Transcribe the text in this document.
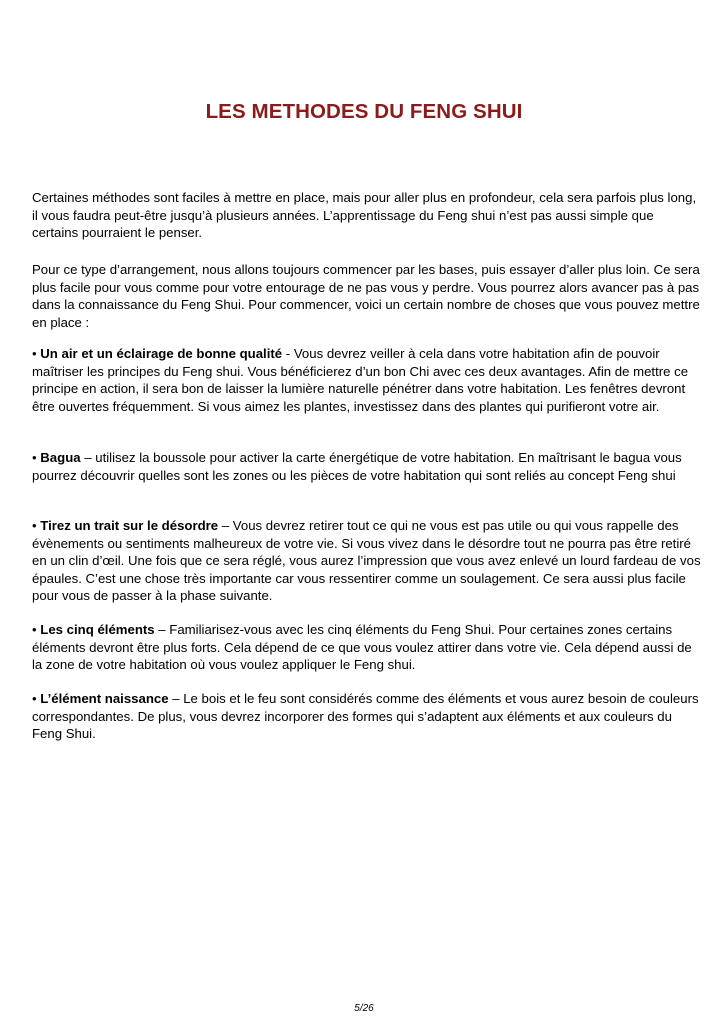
LES METHODES DU FENG SHUI

Certaines méthodes sont faciles à mettre en place, mais pour aller plus en profondeur, cela sera parfois plus long, il vous faudra peut-être jusqu’à plusieurs années. L’apprentissage du Feng shui n’est pas aussi simple que certains pourraient le penser.

Pour ce type d’arrangement, nous allons toujours commencer par les bases, puis essayer d’aller plus loin. Ce sera plus facile pour vous comme pour votre entourage de ne pas vous y perdre. Vous pourrez alors avancer pas à pas dans la connaissance du Feng Shui. Pour commencer, voici un certain nombre de choses que vous pouvez mettre en place :

• Un air et un éclairage de bonne qualité - Vous devrez veiller à cela dans votre habitation afin de pouvoir maîtriser les principes du Feng shui. Vous bénéficierez d’un bon Chi avec ces deux avantages. Afin de mettre ce principe en action, il sera bon de laisser la lumière naturelle pénétrer dans votre habitation. Les fenêtres devront être ouvertes fréquemment. Si vous aimez les plantes, investissez dans des plantes qui purifieront votre air.

• Bagua – utilisez la boussole pour activer la carte énergétique de votre habitation. En maîtrisant le bagua vous pourrez découvrir quelles sont les zones ou les pièces de votre habitation qui sont reliés au concept Feng shui

• Tirez un trait sur le désordre – Vous devrez retirer tout ce qui ne vous est pas utile ou qui vous rappelle des évènements ou sentiments malheureux de votre vie. Si vous vivez dans le désordre tout ne pourra pas être retiré en un clin d’œil. Une fois que ce sera réglé, vous aurez l’impression que vous avez enlevé un lourd fardeau de vos épaules. C’est une chose très importante car vous ressentirer comme un soulagement. Ce sera aussi plus facile pour vous de passer à la phase suivante.

• Les cinq éléments – Familiarisez-vous avec les cinq éléments du Feng Shui. Pour certaines zones certains éléments devront être plus forts. Cela dépend de ce que vous voulez attirer dans votre vie. Cela dépend aussi de la zone de votre habitation où vous voulez appliquer le Feng shui.

• L’élément naissance – Le bois et le feu sont considérés comme des éléments et vous aurez besoin de couleurs correspondantes. De plus, vous devrez incorporer des formes qui s’adaptent aux éléments et aux couleurs du Feng Shui.

5/26
